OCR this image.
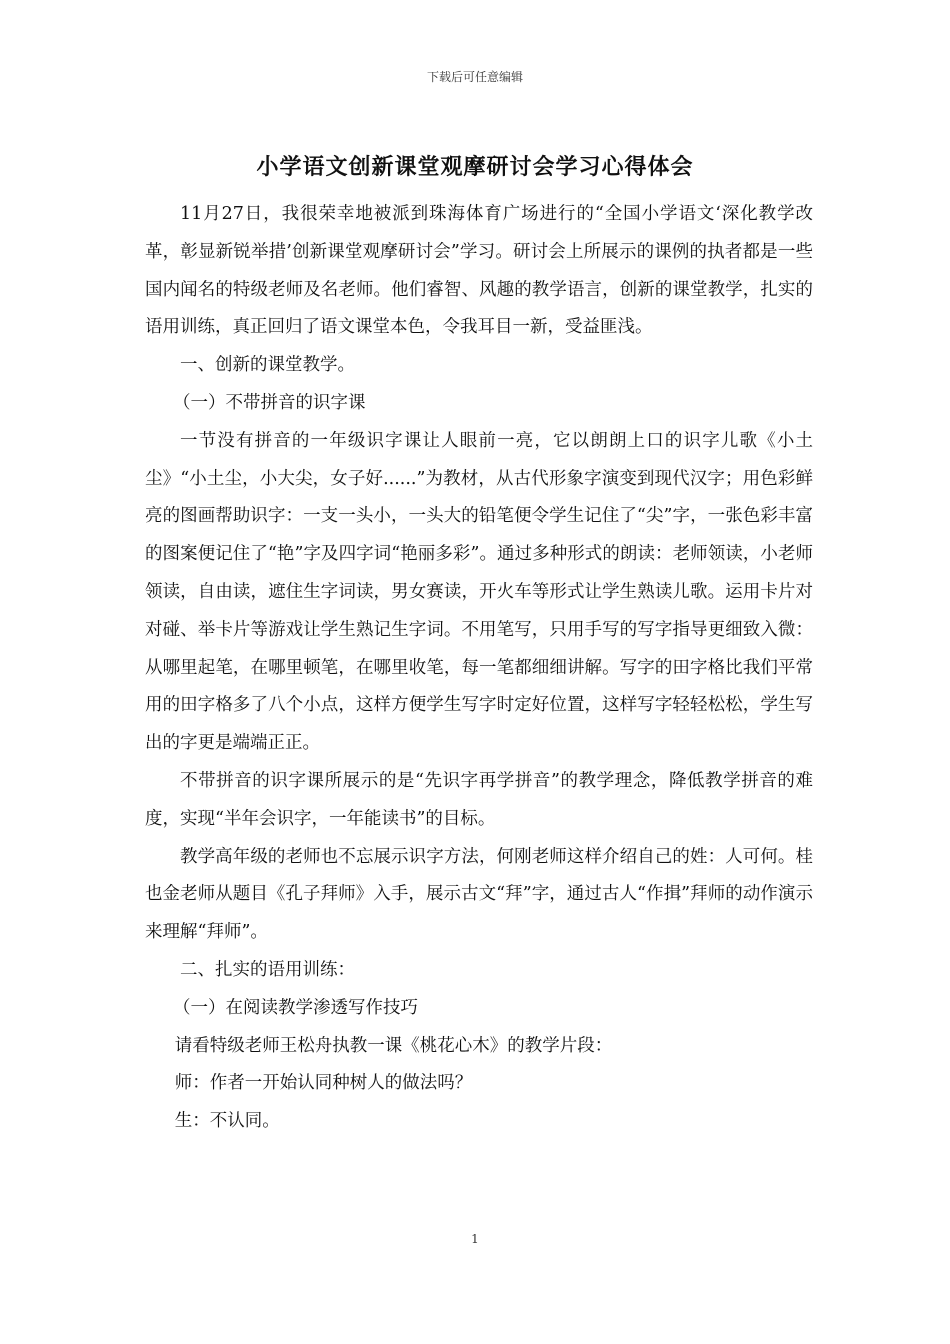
下载后可任意编辑
小学语文创新课堂观摩研讨会学习心得体会

11月27日，我很荣幸地被派到珠海体育广场进行的“全国小学语文‘深化教学改革，彰显新锐举措’创新课堂观摩研讨会”学习。研讨会上所展示的课例的执者都是一些国内闻名的特级老师及名老师。他们睿智、风趣的教学语言，创新的课堂教学，扎实的语用训练，真正回归了语文课堂本色，令我耳目一新，受益匪浅。

一、创新的课堂教学。

（一）不带拼音的识字课

一节没有拼音的一年级识字课让人眼前一亮，它以朗朗上口的识字儿歌《小土尘》“小土尘，小大尖，女子好......”为教材，从古代形象字演变到现代汉字；用色彩鲜亮的图画帮助识字：一支一头小，一头大的铅笔便令学生记住了“尖”字，一张色彩丰富的图案便记住了“艳”字及四字词“艳丽多彩”。通过多种形式的朗读：老师领读，小老师领读，自由读，遮住生字词读，男女赛读，开火车等形式让学生熟读儿歌。运用卡片对对碰、举卡片等游戏让学生熟记生字词。不用笔写，只用手写的写字指导更细致入微：从哪里起笔，在哪里顿笔，在哪里收笔，每一笔都细细讲解。写字的田字格比我们平常用的田字格多了八个小点，这样方便学生写字时定好位置，这样写字轻轻松松，学生写出的字更是端端正正。

不带拼音的识字课所展示的是“先识字再学拼音”的教学理念，降低教学拼音的难度，实现“半年会识字，一年能读书”的目标。

教学高年级的老师也不忘展示识字方法，何刚老师这样介绍自己的姓：人可何。桂也金老师从题目《孔子拜师》入手，展示古文“拜”字，通过古人“作揖”拜师的动作演示来理解“拜师”。

二、扎实的语用训练：

（一）在阅读教学渗透写作技巧

请看特级老师王松舟执教一课《桃花心木》的教学片段：

师：作者一开始认同种树人的做法吗？

生：不认同。

1
